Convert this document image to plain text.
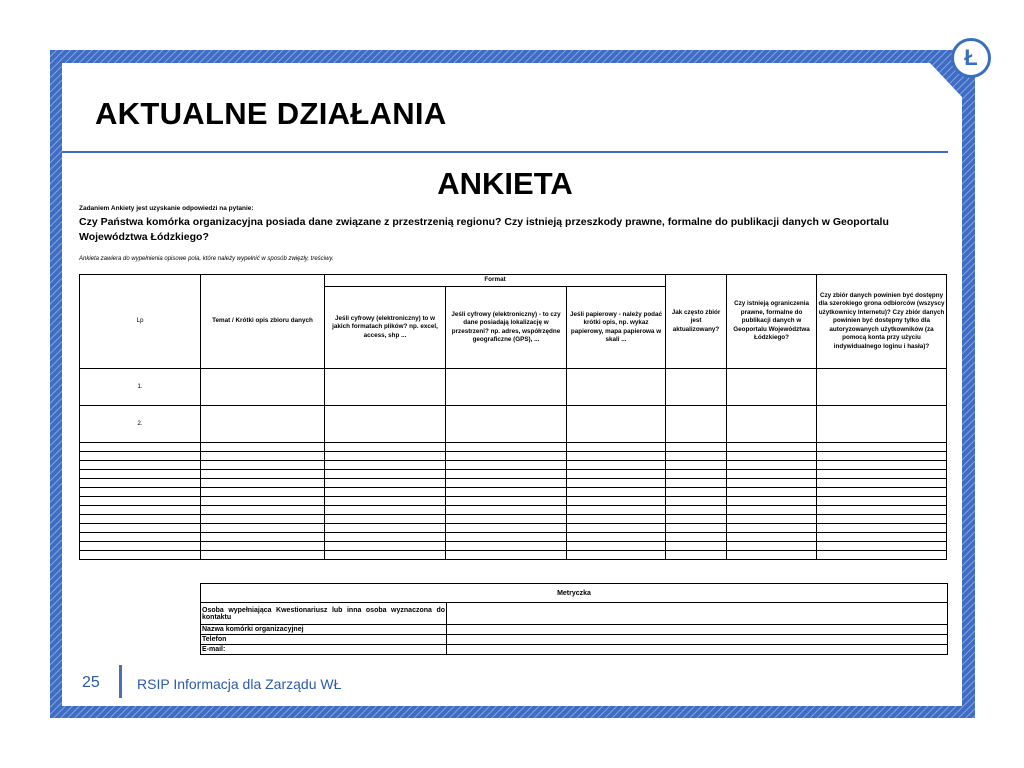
Ł
AKTUALNE DZIAŁANIA
ANKIETA
Zadaniem Ankiety jest uzyskanie odpowiedzi na pytanie:
Czy Państwa komórka organizacyjna posiada dane związane z przestrzenią regionu? Czy istnieją przeszkody prawne, formalne do publikacji danych w Geoportalu Województwa Łódzkiego?
Ankieta zawiera do wypełnienia opisowe pola, które należy wypełnić w sposób zwięzły, treściwy.
Lp	Temat / Krótki opis zbioru danych	Format			Jak często zbiór jest aktualizowany?	Czy istnieją ograniczenia prawne, formalne do publikacji danych w Geoportalu Województwa Łódzkiego?	Czy zbiór danych powinien być dostępny dla szerokiego grona odbiorców (wszyscy użytkownicy Internetu)? Czy zbiór danych powinien być dostępny tylko dla autoryzowanych użytkowników (za pomocą konta przy użyciu indywidualnego loginu i hasła)?
		Jeśli cyfrowy (elektroniczny) to w jakich formatach plików? np. excel, access, shp ...	Jeśli cyfrowy (elektroniczny) - to czy dane posiadają lokalizację w przestrzeni? np. adres, współrzędne geograficzne (GPS), ...	Jeśli papierowy - należy podać krótki opis, np. wykaz papierowy, mapa papierowa w skali ...			
1.							
2.							

Metryczka	
Osoba wypełniająca Kwestionariusz lub inna osoba wyznaczona do kontaktu	
Nazwa komórki organizacyjnej	
Telefon	
E-mail:	
25	RSIP Informacja dla Zarządu WŁ
